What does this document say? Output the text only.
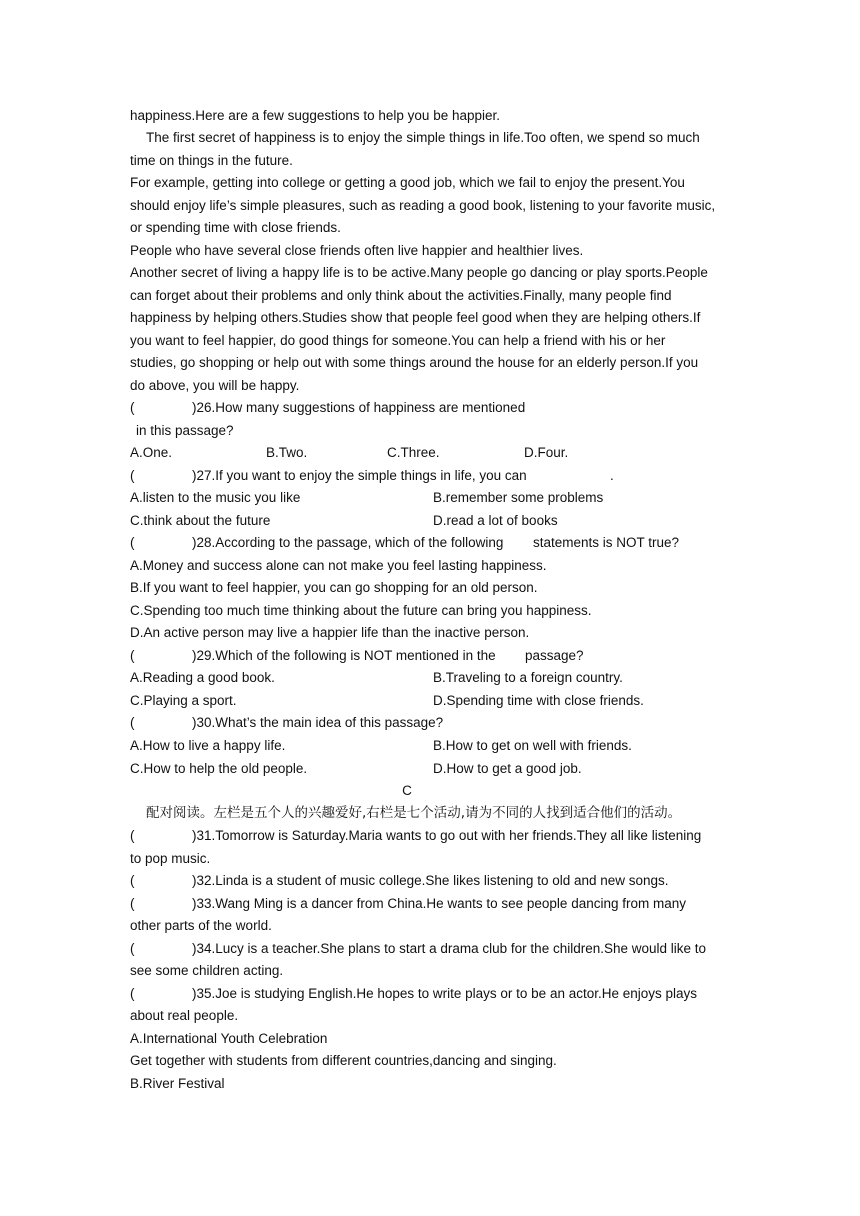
happiness.Here are a few suggestions to help you be happier.
The first secret of happiness is to enjoy the simple things in life.Too often, we spend so much
time on things in the future.
For example, getting into college or getting a good job, which we fail to enjoy the present.You
should enjoy life’s simple pleasures, such as reading a good book, listening to your favorite music,
or spending time with close friends.
People who have several close friends often live happier and healthier lives.
Another secret of living a happy life is to be active.Many people go dancing or play sports.People
can forget about their problems and only think about the activities.Finally, many people find
happiness by helping others.Studies show that people feel good when they are helping others.If
you want to feel happier, do good things for someone.You can help a friend with his or her
studies, go shopping or help out with some things around the house for an elderly person.If you
do above, you will be happy.
(	)26.How many suggestions of happiness are mentioned
in this passage?
A.One.	B.Two.	C.Three.	D.Four.
(	)27.If you want to enjoy the simple things in life, you can	.
A.listen to the music you like	B.remember some problems
C.think about the future	D.read a lot of books
(	)28.According to the passage, which of the following statements is NOT true?
A.Money and success alone can not make you feel lasting happiness.
B.If you want to feel happier, you can go shopping for an old person.
C.Spending too much time thinking about the future can bring you happiness.
D.An active person may live a happier life than the inactive person.
(	)29.Which of the following is NOT mentioned in the passage?
A.Reading a good book.	B.Traveling to a foreign country.
C.Playing a sport.	D.Spending time with close friends.
(	)30.What’s the main idea of this passage?
A.How to live a happy life.	B.How to get on well with friends.
C.How to help the old people.	D.How to get a good job.
C
配对阅读。左栏是五个人的兴趣爱好,右栏是七个活动,请为不同的人找到适合他们的活动。
(	)31.Tomorrow is Saturday.Maria wants to go out with her friends.They all like listening
to pop music.
(	)32.Linda is a student of music college.She likes listening to old and new songs.
(	)33.Wang Ming is a dancer from China.He wants to see people dancing from many
other parts of the world.
(	)34.Lucy is a teacher.She plans to start a drama club for the children.She would like to
see some children acting.
(	)35.Joe is studying English.He hopes to write plays or to be an actor.He enjoys plays
about real people.
A.International Youth Celebration
Get together with students from different countries,dancing and singing.
B.River Festival
